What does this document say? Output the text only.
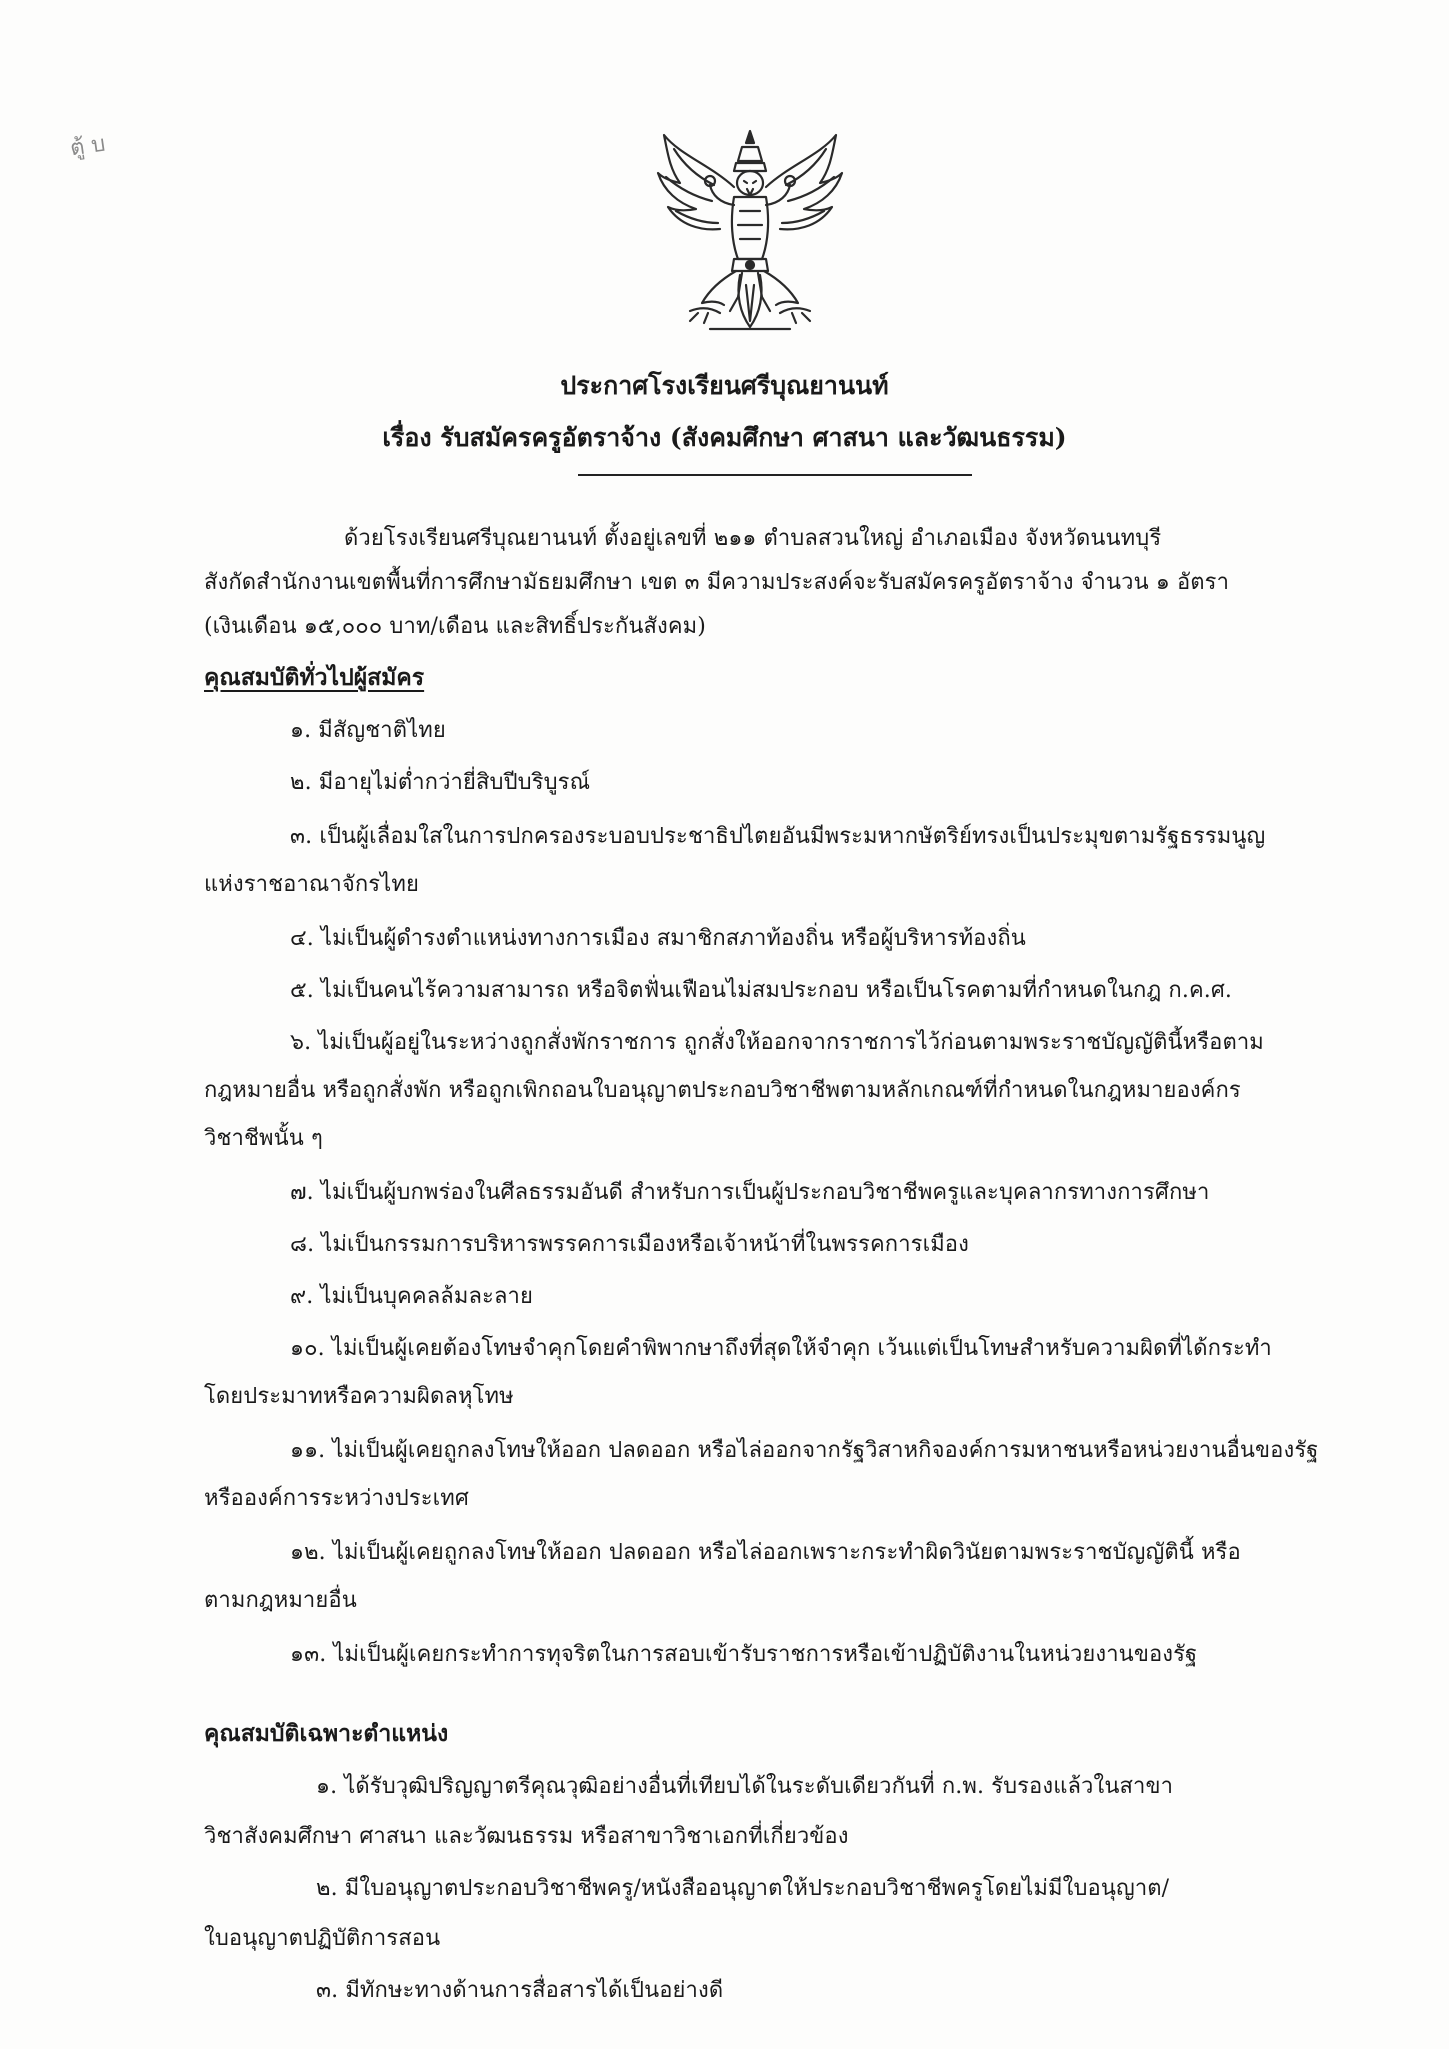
ตู้ บ
ประกาศโรงเรียนศรีบุณยานนท์
เรื่อง รับสมัครครูอัตราจ้าง (สังคมศึกษา ศาสนา และวัฒนธรรม)
ด้วยโรงเรียนศรีบุณยานนท์ ตั้งอยู่เลขที่ ๒๑๑ ตำบลสวนใหญ่ อำเภอเมือง จังหวัดนนทบุรี
สังกัดสำนักงานเขตพื้นที่การศึกษามัธยมศึกษา เขต ๓ มีความประสงค์จะรับสมัครครูอัตราจ้าง จำนวน ๑ อัตรา
(เงินเดือน ๑๕,๐๐๐ บาท/เดือน และสิทธิ์ประกันสังคม)
คุณสมบัติทั่วไปผู้สมัคร
๑. มีสัญชาติไทย
๒. มีอายุไม่ต่ำกว่ายี่สิบปีบริบูรณ์
๓. เป็นผู้เลื่อมใสในการปกครองระบอบประชาธิปไตยอันมีพระมหากษัตริย์ทรงเป็นประมุขตามรัฐธรรมนูญ
แห่งราชอาณาจักรไทย
๔. ไม่เป็นผู้ดำรงตำแหน่งทางการเมือง สมาชิกสภาท้องถิ่น หรือผู้บริหารท้องถิ่น
๕. ไม่เป็นคนไร้ความสามารถ หรือจิตฟั่นเฟือนไม่สมประกอบ หรือเป็นโรคตามที่กำหนดในกฎ ก.ค.ศ.
๖. ไม่เป็นผู้อยู่ในระหว่างถูกสั่งพักราชการ ถูกสั่งให้ออกจากราชการไว้ก่อนตามพระราชบัญญัตินี้หรือตาม
กฎหมายอื่น หรือถูกสั่งพัก หรือถูกเพิกถอนใบอนุญาตประกอบวิชาชีพตามหลักเกณฑ์ที่กำหนดในกฎหมายองค์กร
วิชาชีพนั้น ๆ
๗. ไม่เป็นผู้บกพร่องในศีลธรรมอันดี สำหรับการเป็นผู้ประกอบวิชาชีพครูและบุคลากรทางการศึกษา
๘. ไม่เป็นกรรมการบริหารพรรคการเมืองหรือเจ้าหน้าที่ในพรรคการเมือง
๙. ไม่เป็นบุคคลล้มละลาย
๑๐. ไม่เป็นผู้เคยต้องโทษจำคุกโดยคำพิพากษาถึงที่สุดให้จำคุก เว้นแต่เป็นโทษสำหรับความผิดที่ได้กระทำ
โดยประมาทหรือความผิดลหุโทษ
๑๑. ไม่เป็นผู้เคยถูกลงโทษให้ออก ปลดออก หรือไล่ออกจากรัฐวิสาหกิจองค์การมหาชนหรือหน่วยงานอื่นของรัฐ
หรือองค์การระหว่างประเทศ
๑๒. ไม่เป็นผู้เคยถูกลงโทษให้ออก ปลดออก หรือไล่ออกเพราะกระทำผิดวินัยตามพระราชบัญญัตินี้ หรือ
ตามกฎหมายอื่น
๑๓. ไม่เป็นผู้เคยกระทำการทุจริตในการสอบเข้ารับราชการหรือเข้าปฏิบัติงานในหน่วยงานของรัฐ
คุณสมบัติเฉพาะตำแหน่ง
๑. ได้รับวุฒิปริญญาตรีคุณวุฒิอย่างอื่นที่เทียบได้ในระดับเดียวกันที่ ก.พ. รับรองแล้วในสาขา
วิชาสังคมศึกษา ศาสนา และวัฒนธรรม หรือสาขาวิชาเอกที่เกี่ยวข้อง
๒. มีใบอนุญาตประกอบวิชาชีพครู/หนังสืออนุญาตให้ประกอบวิชาชีพครูโดยไม่มีใบอนุญาต/
ใบอนุญาตปฏิบัติการสอน
๓. มีทักษะทางด้านการสื่อสารได้เป็นอย่างดี
